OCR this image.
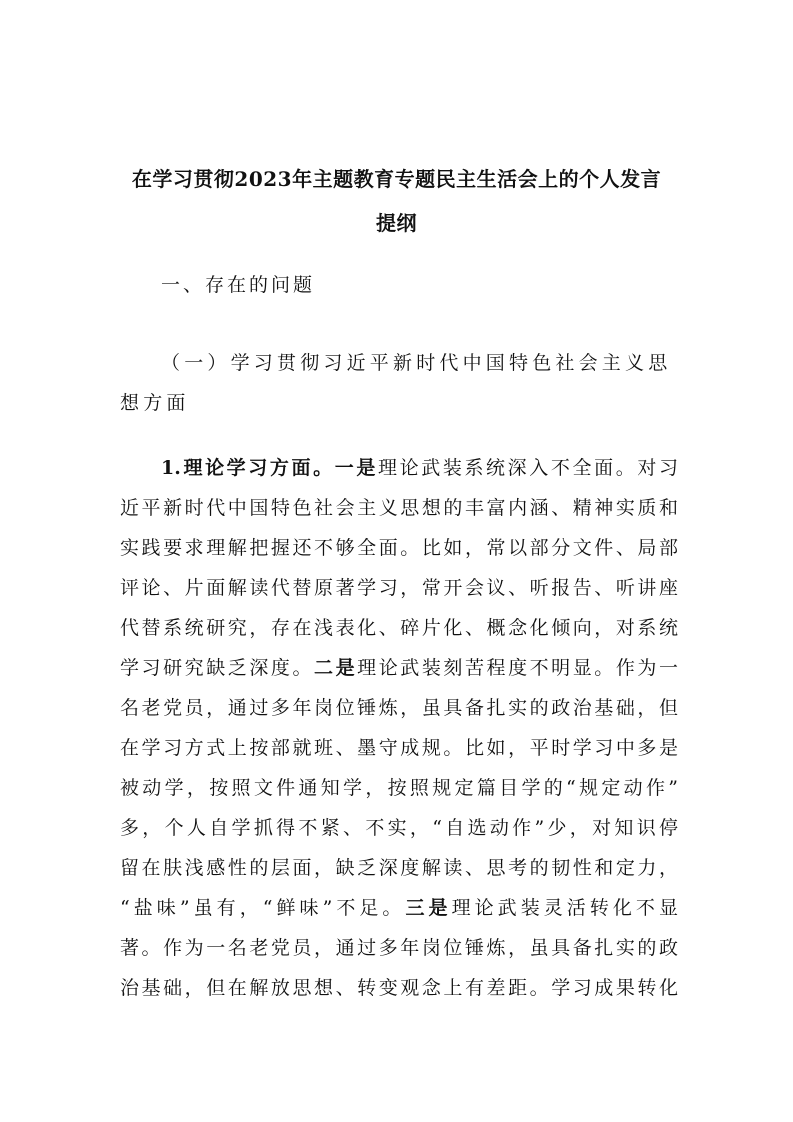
在学习贯彻2023年主题教育专题民主生活会上的个人发言
提纲
一、存在的问题
（一）学习贯彻习近平新时代中国特色社会主义思想方面
1.理论学习方面。一是理论武装系统深入不全面。对习
近平新时代中国特色社会主义思想的丰富内涵、精神实质和
实践要求理解把握还不够全面。比如，常以部分文件、局部
评论、片面解读代替原著学习，常开会议、听报告、听讲座
代替系统研究，存在浅表化、碎片化、概念化倾向，对系统
学习研究缺乏深度。二是理论武装刻苦程度不明显。作为一
名老党员，通过多年岗位锤炼，虽具备扎实的政治基础，但
在学习方式上按部就班、墨守成规。比如，平时学习中多是
被动学，按照文件通知学，按照规定篇目学的“规定动作”
多，个人自学抓得不紧、不实，“自选动作”少，对知识停
留在肤浅感性的层面，缺乏深度解读、思考的韧性和定力，
“盐味”虽有，“鲜味”不足。三是理论武装灵活转化不显
著。作为一名老党员，通过多年岗位锤炼，虽具备扎实的政
治基础，但在解放思想、转变观念上有差距。学习成果转化
